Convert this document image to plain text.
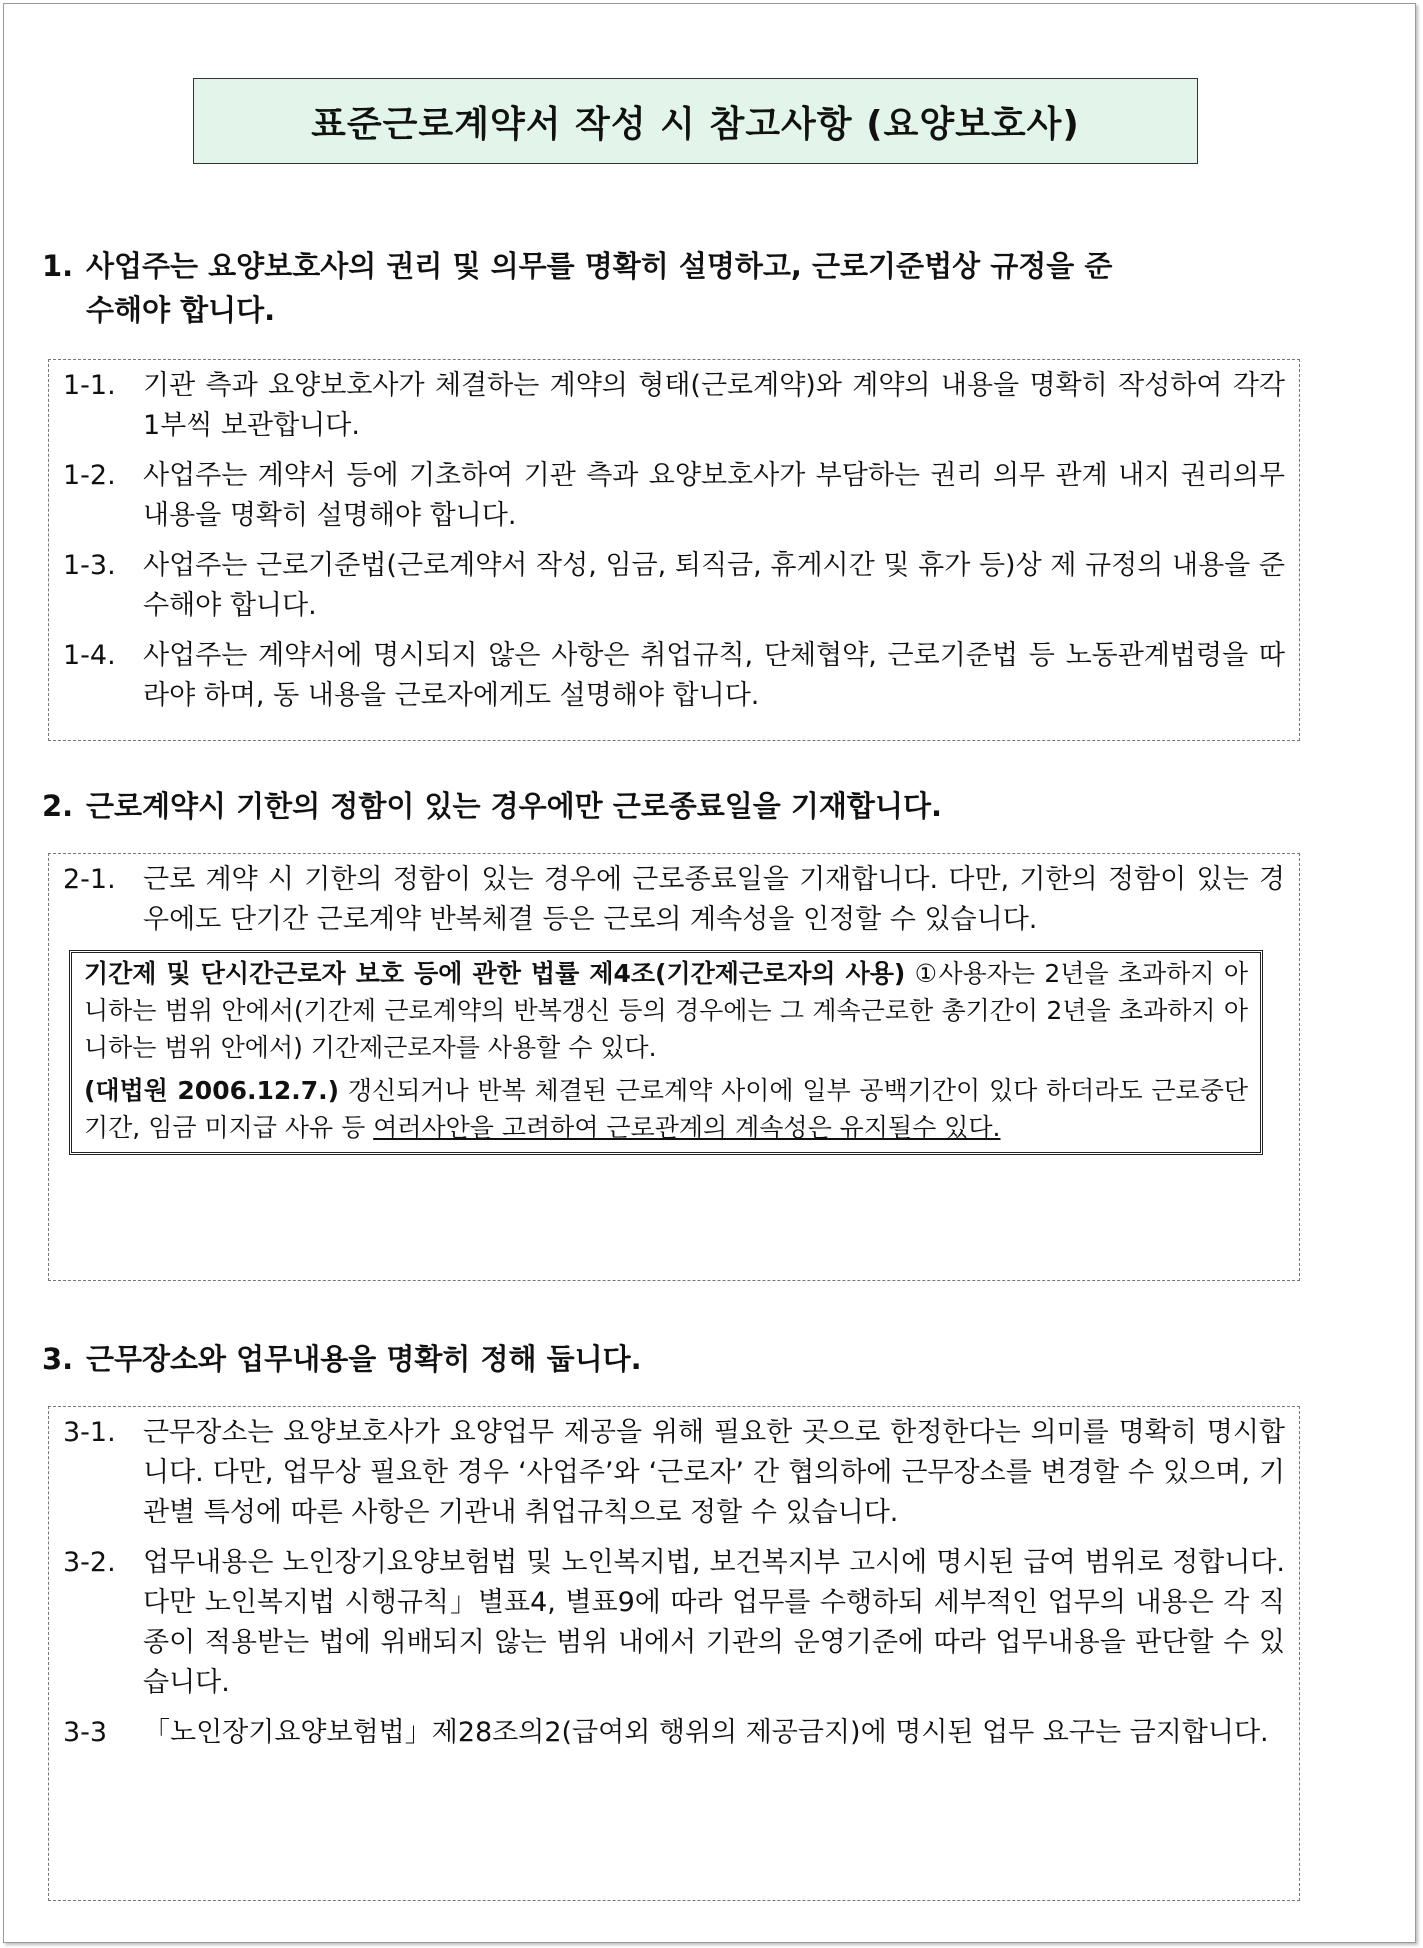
표준근로계약서 작성 시 참고사항 (요양보호사)
1. 사업주는 요양보호사의 권리 및 의무를 명확히 설명하고, 근로기준법상 규정을 준
수해야 합니다.
1-1. 기관 측과 요양보호사가 체결하는 계약의 형태(근로계약)와 계약의 내용을 명확히 작성하여 각각 1부씩 보관합니다.
1-2. 사업주는 계약서 등에 기초하여 기관 측과 요양보호사가 부담하는 권리 의무 관계 내지 권리의무 내용을 명확히 설명해야 합니다.
1-3. 사업주는 근로기준법(근로계약서 작성, 임금, 퇴직금, 휴게시간 및 휴가 등)상 제 규정의 내용을 준수해야 합니다.
1-4. 사업주는 계약서에 명시되지 않은 사항은 취업규칙, 단체협약, 근로기준법 등 노동관계법령을 따라야 하며, 동 내용을 근로자에게도 설명해야 합니다.
2. 근로계약시 기한의 정함이 있는 경우에만 근로종료일을 기재합니다.
2-1. 근로 계약 시 기한의 정함이 있는 경우에 근로종료일을 기재합니다. 다만, 기한의 정함이 있는 경우에도 단기간 근로계약 반복체결 등은 근로의 계속성을 인정할 수 있습니다.

기간제 및 단시간근로자 보호 등에 관한 법률 제4조(기간제근로자의 사용) ①사용자는 2년을 초과하지 아니하는 범위 안에서(기간제 근로계약의 반복갱신 등의 경우에는 그 계속근로한 총기간이 2년을 초과하지 아니하는 범위 안에서) 기간제근로자를 사용할 수 있다.

(대법원 2006.12.7.) 갱신되거나 반복 체결된 근로계약 사이에 일부 공백기간이 있다 하더라도 근로중단기간, 임금 미지급 사유 등 여러사안을 고려하여 근로관계의 계속성은 유지될수 있다.

3. 근무장소와 업무내용을 명확히 정해 둡니다.
3-1. 근무장소는 요양보호사가 요양업무 제공을 위해 필요한 곳으로 한정한다는 의미를 명확히 명시합니다. 다만, 업무상 필요한 경우 ‘사업주’와 ‘근로자’ 간 협의하에 근무장소를 변경할 수 있으며, 기관별 특성에 따른 사항은 기관내 취업규칙으로 정할 수 있습니다.
3-2. 업무내용은 노인장기요양보험법 및 노인복지법, 보건복지부 고시에 명시된 급여 범위로 정합니다. 다만 노인복지법 시행규칙」별표4, 별표9에 따라 업무를 수행하되 세부적인 업무의 내용은 각 직종이 적용받는 법에 위배되지 않는 범위 내에서 기관의 운영기준에 따라 업무내용을 판단할 수 있습니다.
3-3 「노인장기요양보험법」제28조의2(급여외 행위의 제공금지)에 명시된 업무 요구는 금지합니다.
